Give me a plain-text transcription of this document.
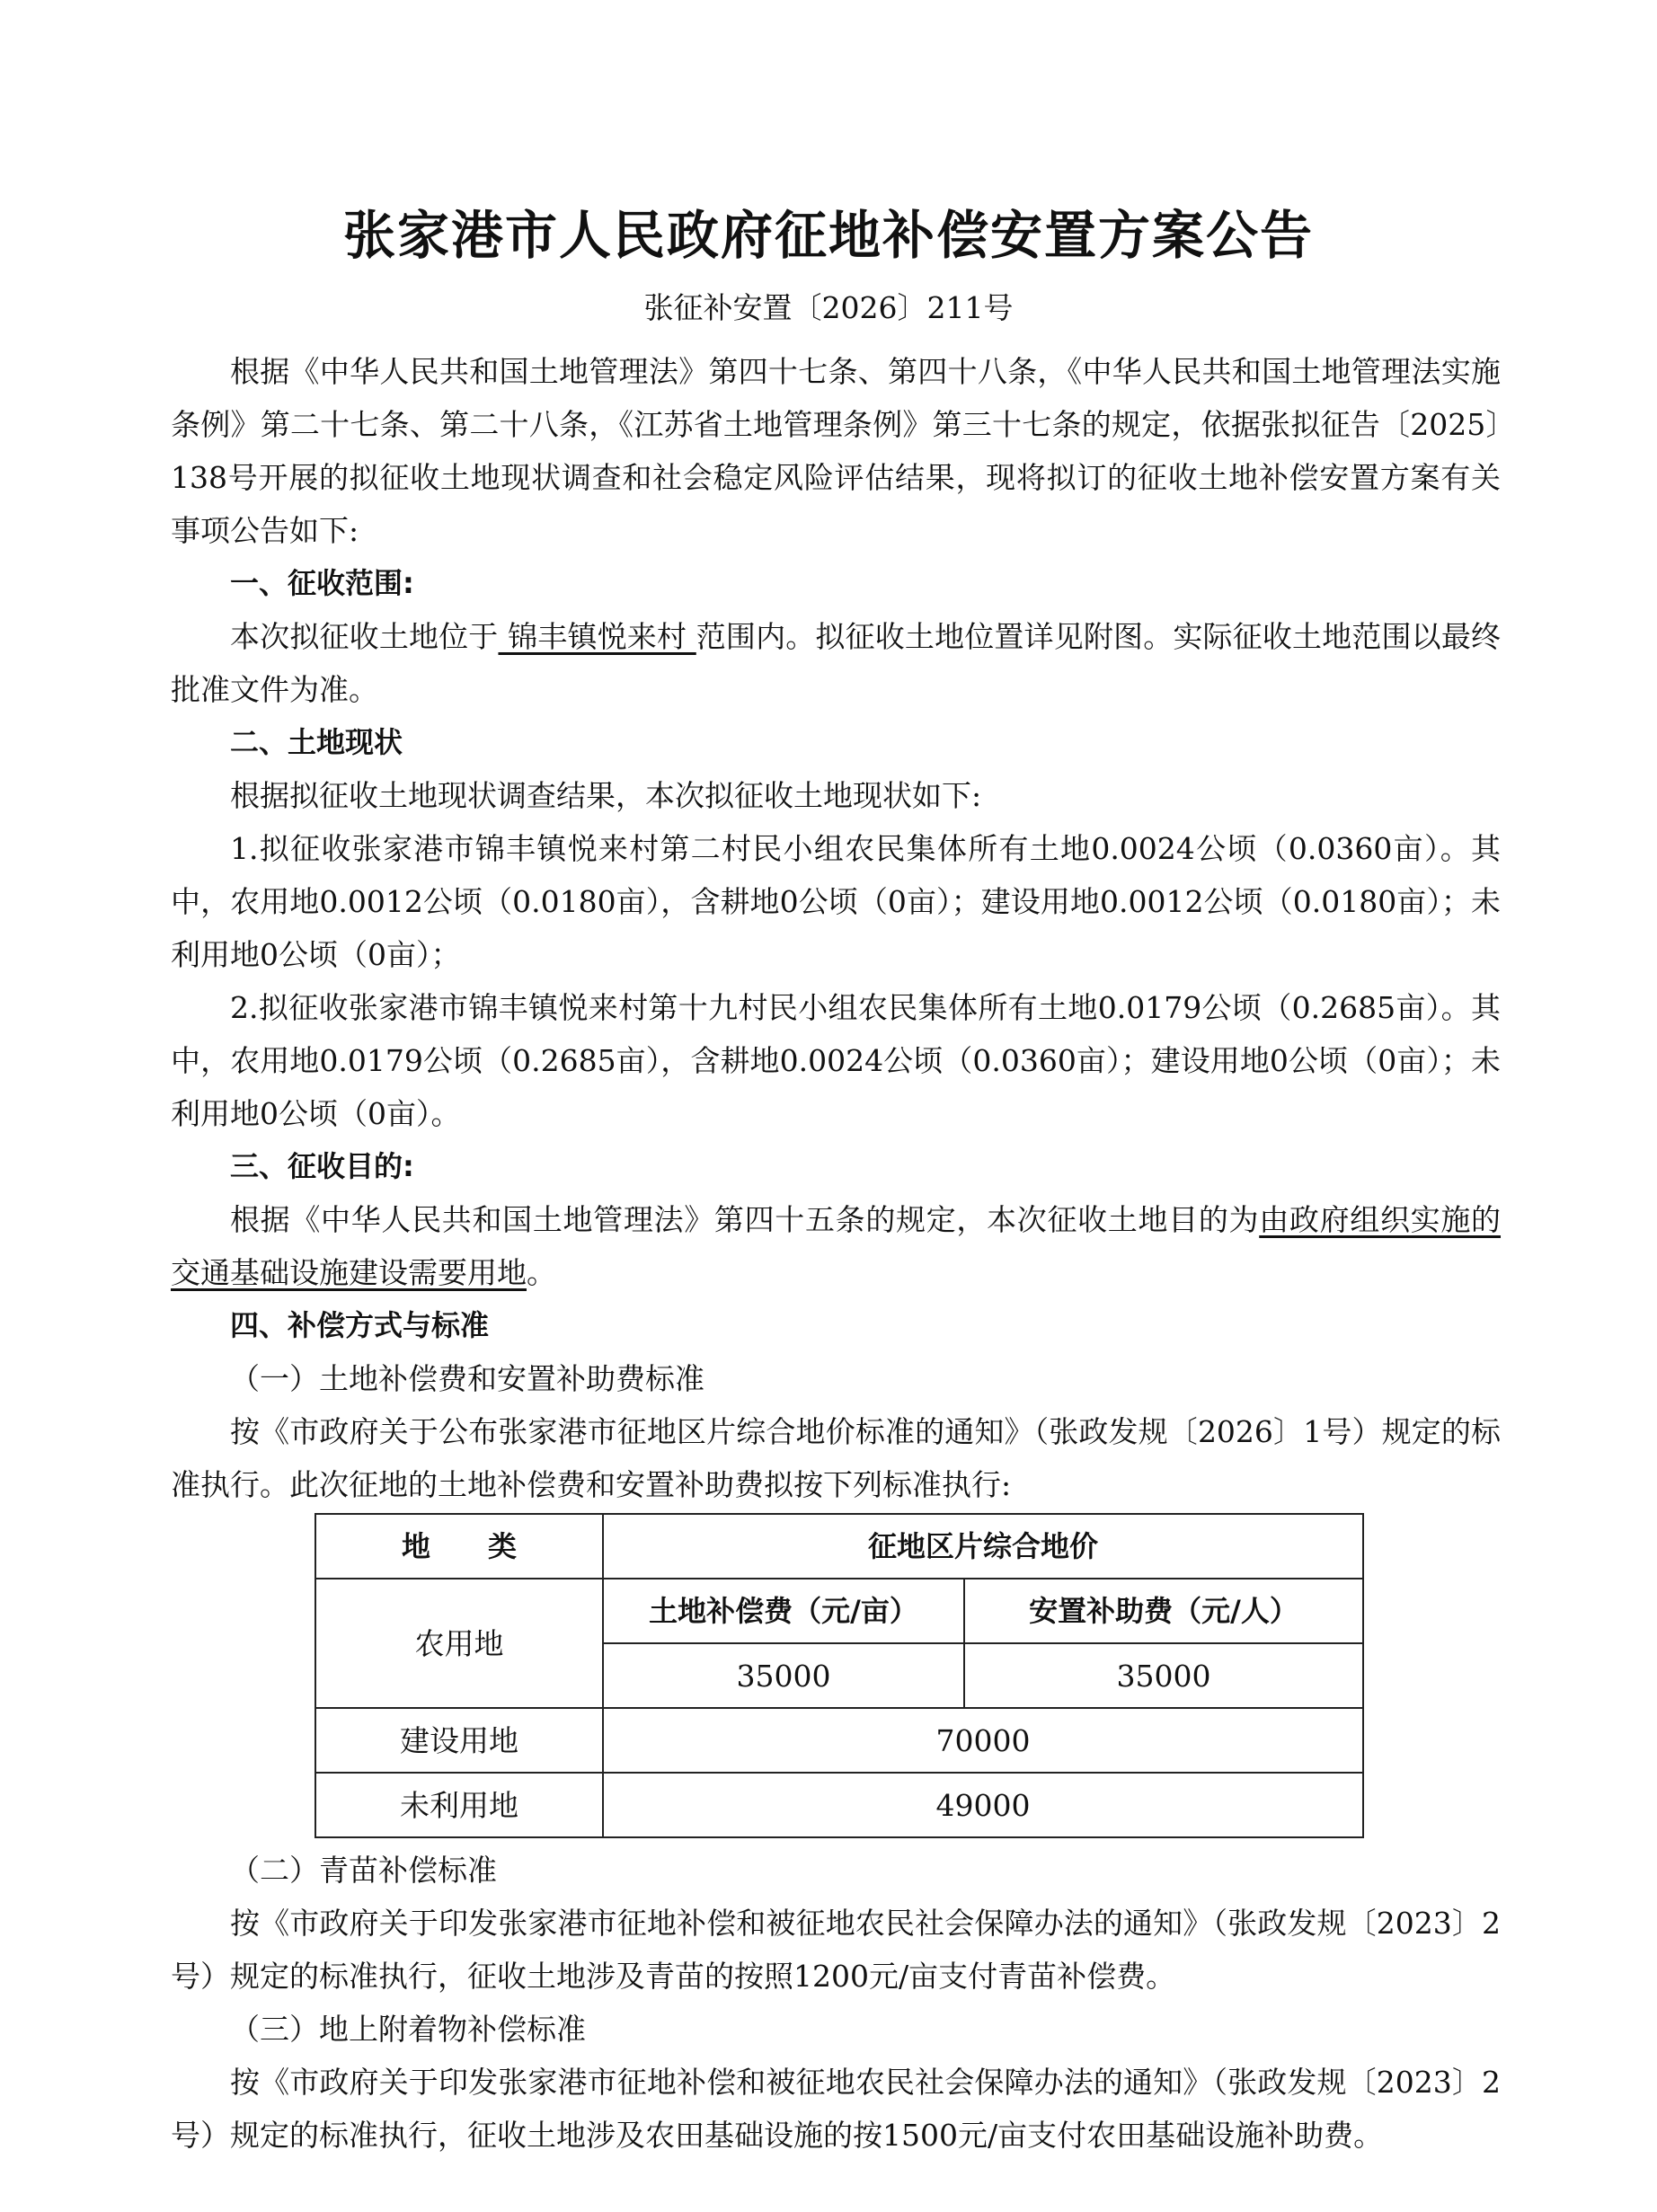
张家港市人民政府征地补偿安置方案公告
张征补安置〔2026〕211号

根据《中华人民共和国土地管理法》第四十七条、第四十八条，《中华人民共和国土地管理法实施条例》第二十七条、第二十八条，《江苏省土地管理条例》第三十七条的规定，依据张拟征告〔2025〕138号开展的拟征收土地现状调查和社会稳定风险评估结果，现将拟订的征收土地补偿安置方案有关事项公告如下:

一、征收范围:

本次拟征收土地位于 锦丰镇悦来村 范围内。拟征收土地位置详见附图。实际征收土地范围以最终批准文件为准。

二、土地现状

根据拟征收土地现状调查结果，本次拟征收土地现状如下:

1.拟征收张家港市锦丰镇悦来村第二村民小组农民集体所有土地0.0024公顷（0.0360亩）。其中，农用地0.0012公顷（0.0180亩），含耕地0公顷（0亩）；建设用地0.0012公顷（0.0180亩）；未利用地0公顷（0亩）；

2.拟征收张家港市锦丰镇悦来村第十九村民小组农民集体所有土地0.0179公顷（0.2685亩）。其中，农用地0.0179公顷（0.2685亩），含耕地0.0024公顷（0.0360亩）；建设用地0公顷（0亩）；未利用地0公顷（0亩）。

三、征收目的:

根据《中华人民共和国土地管理法》第四十五条的规定，本次征收土地目的为由政府组织实施的交通基础设施建设需要用地。

四、补偿方式与标准

（一）土地补偿费和安置补助费标准

按《市政府关于公布张家港市征地区片综合地价标准的通知》（张政发规〔2026〕1号）规定的标准执行。此次征地的土地补偿费和安置补助费拟按下列标准执行:

地　　类	征地区片综合地价	
农用地	土地补偿费（元/亩）	安置补助费（元/人）
	35000	35000
建设用地	70000	
未利用地	49000	

（二）青苗补偿标准

按《市政府关于印发张家港市征地补偿和被征地农民社会保障办法的通知》（张政发规〔2023〕2号）规定的标准执行，征收土地涉及青苗的按照1200元/亩支付青苗补偿费。

（三）地上附着物补偿标准

按《市政府关于印发张家港市征地补偿和被征地农民社会保障办法的通知》（张政发规〔2023〕2号）规定的标准执行，征收土地涉及农田基础设施的按1500元/亩支付农田基础设施补助费。
